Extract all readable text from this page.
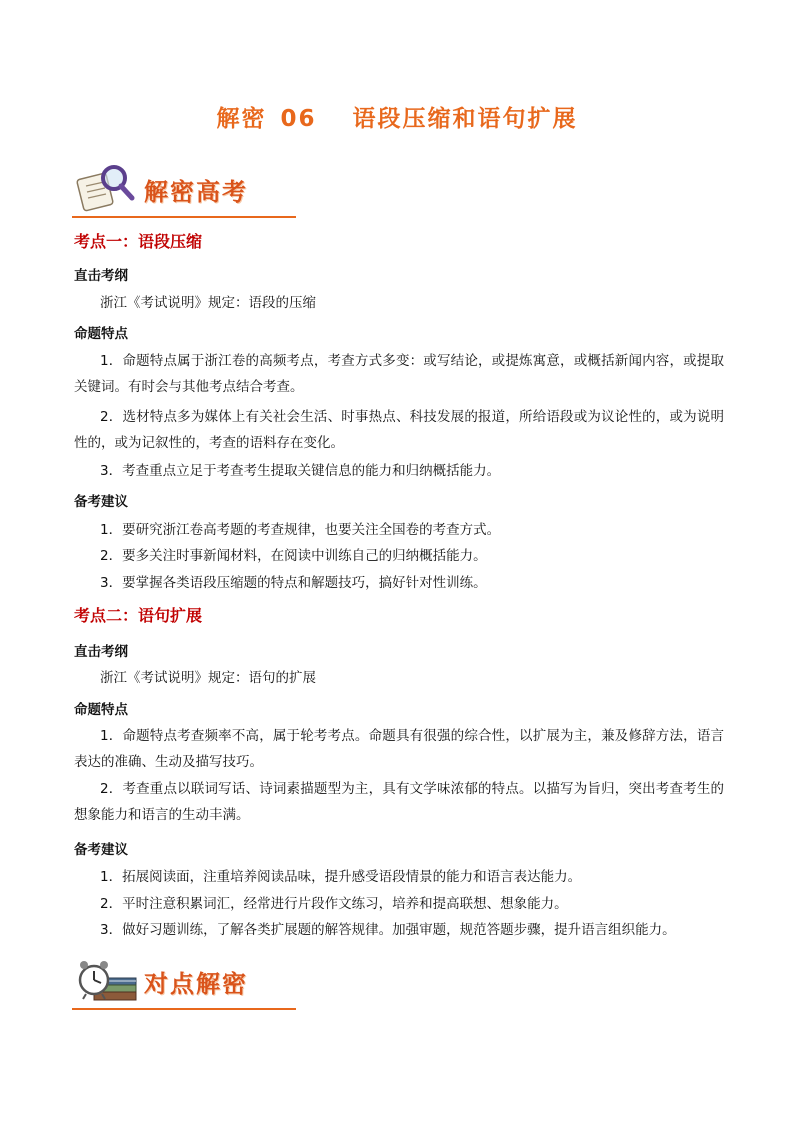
解密 06 语段压缩和语句扩展
解密高考
考点一：语段压缩
直击考纲
浙江《考试说明》规定：语段的压缩
命题特点
1．命题特点属于浙江卷的高频考点，考查方式多变：或写结论，或提炼寓意，或概括新闻内容，或提取关键词。有时会与其他考点结合考查。
2．选材特点多为媒体上有关社会生活、时事热点、科技发展的报道，所给语段或为议论性的，或为说明性的，或为记叙性的，考查的语料存在变化。
3．考查重点立足于考查考生提取关键信息的能力和归纳概括能力。
备考建议
1．要研究浙江卷高考题的考查规律，也要关注全国卷的考查方式。
2．要多关注时事新闻材料，在阅读中训练自己的归纳概括能力。
3．要掌握各类语段压缩题的特点和解题技巧，搞好针对性训练。
考点二：语句扩展
直击考纲
浙江《考试说明》规定：语句的扩展
命题特点
1．命题特点考查频率不高，属于轮考考点。命题具有很强的综合性，以扩展为主，兼及修辞方法，语言表达的准确、生动及描写技巧。
2．考查重点以联词写话、诗词素描题型为主，具有文学味浓郁的特点。以描写为旨归，突出考查考生的想象能力和语言的生动丰满。
备考建议
1．拓展阅读面，注重培养阅读品味，提升感受语段情景的能力和语言表达能力。
2．平时注意积累词汇，经常进行片段作文练习，培养和提高联想、想象能力。
3．做好习题训练，了解各类扩展题的解答规律。加强审题，规范答题步骤，提升语言组织能力。
对点解密
